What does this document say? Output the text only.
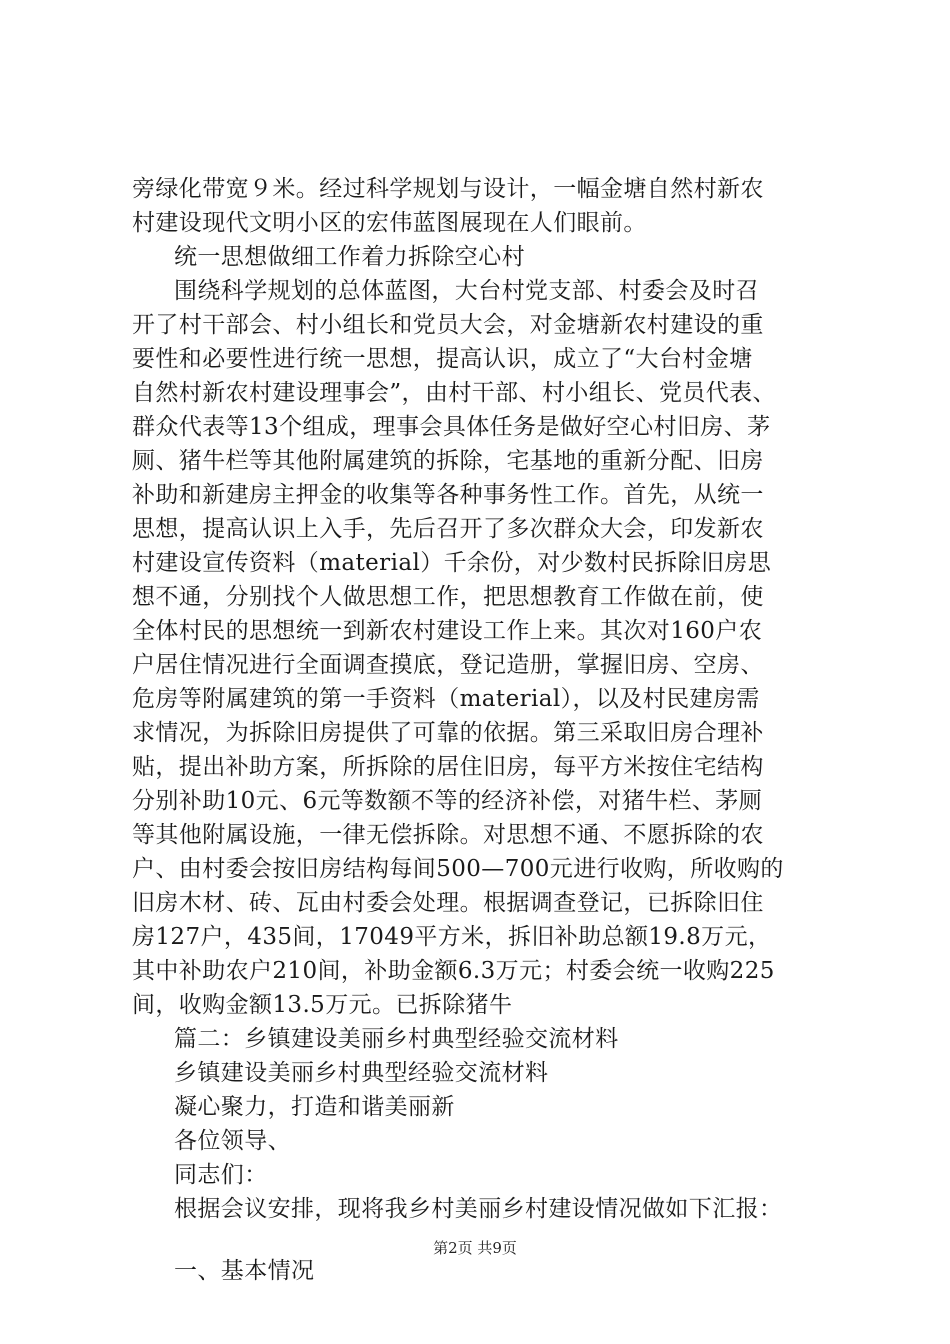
旁绿化带宽９米。经过科学规划与设计，一幅金塘自然村新农
村建设现代文明小区的宏伟蓝图展现在人们眼前。
统一思想做细工作着力拆除空心村
围绕科学规划的总体蓝图，大台村党支部、村委会及时召
开了村干部会、村小组长和党员大会，对金塘新农村建设的重
要性和必要性进行统一思想，提高认识，成立了“大台村金塘
自然村新农村建设理事会”，由村干部、村小组长、党员代表、
群众代表等13个组成，理事会具体任务是做好空心村旧房、茅
厕、猪牛栏等其他附属建筑的拆除，宅基地的重新分配、旧房
补助和新建房主押金的收集等各种事务性工作。首先，从统一
思想，提高认识上入手，先后召开了多次群众大会，印发新农
村建设宣传资料（material）千余份，对少数村民拆除旧房思
想不通，分别找个人做思想工作，把思想教育工作做在前，使
全体村民的思想统一到新农村建设工作上来。其次对160户农
户居住情况进行全面调查摸底，登记造册，掌握旧房、空房、
危房等附属建筑的第一手资料（material），以及村民建房需
求情况，为拆除旧房提供了可靠的依据。第三采取旧房合理补
贴，提出补助方案，所拆除的居住旧房，每平方米按住宅结构
分别补助10元、6元等数额不等的经济补偿，对猪牛栏、茅厕
等其他附属设施，一律无偿拆除。对思想不通、不愿拆除的农
户、由村委会按旧房结构每间500—700元进行收购，所收购的
旧房木材、砖、瓦由村委会处理。根据调查登记，已拆除旧住
房127户，435间，17049平方米，拆旧补助总额19.8万元，
其中补助农户210间，补助金额6.3万元；村委会统一收购225
间，收购金额13.5万元。已拆除猪牛
篇二：乡镇建设美丽乡村典型经验交流材料
乡镇建设美丽乡村典型经验交流材料
凝心聚力，打造和谐美丽新
各位领导、
同志们：
根据会议安排，现将我乡村美丽乡村建设情况做如下汇报：
一、基本情况
第2页 共9页
